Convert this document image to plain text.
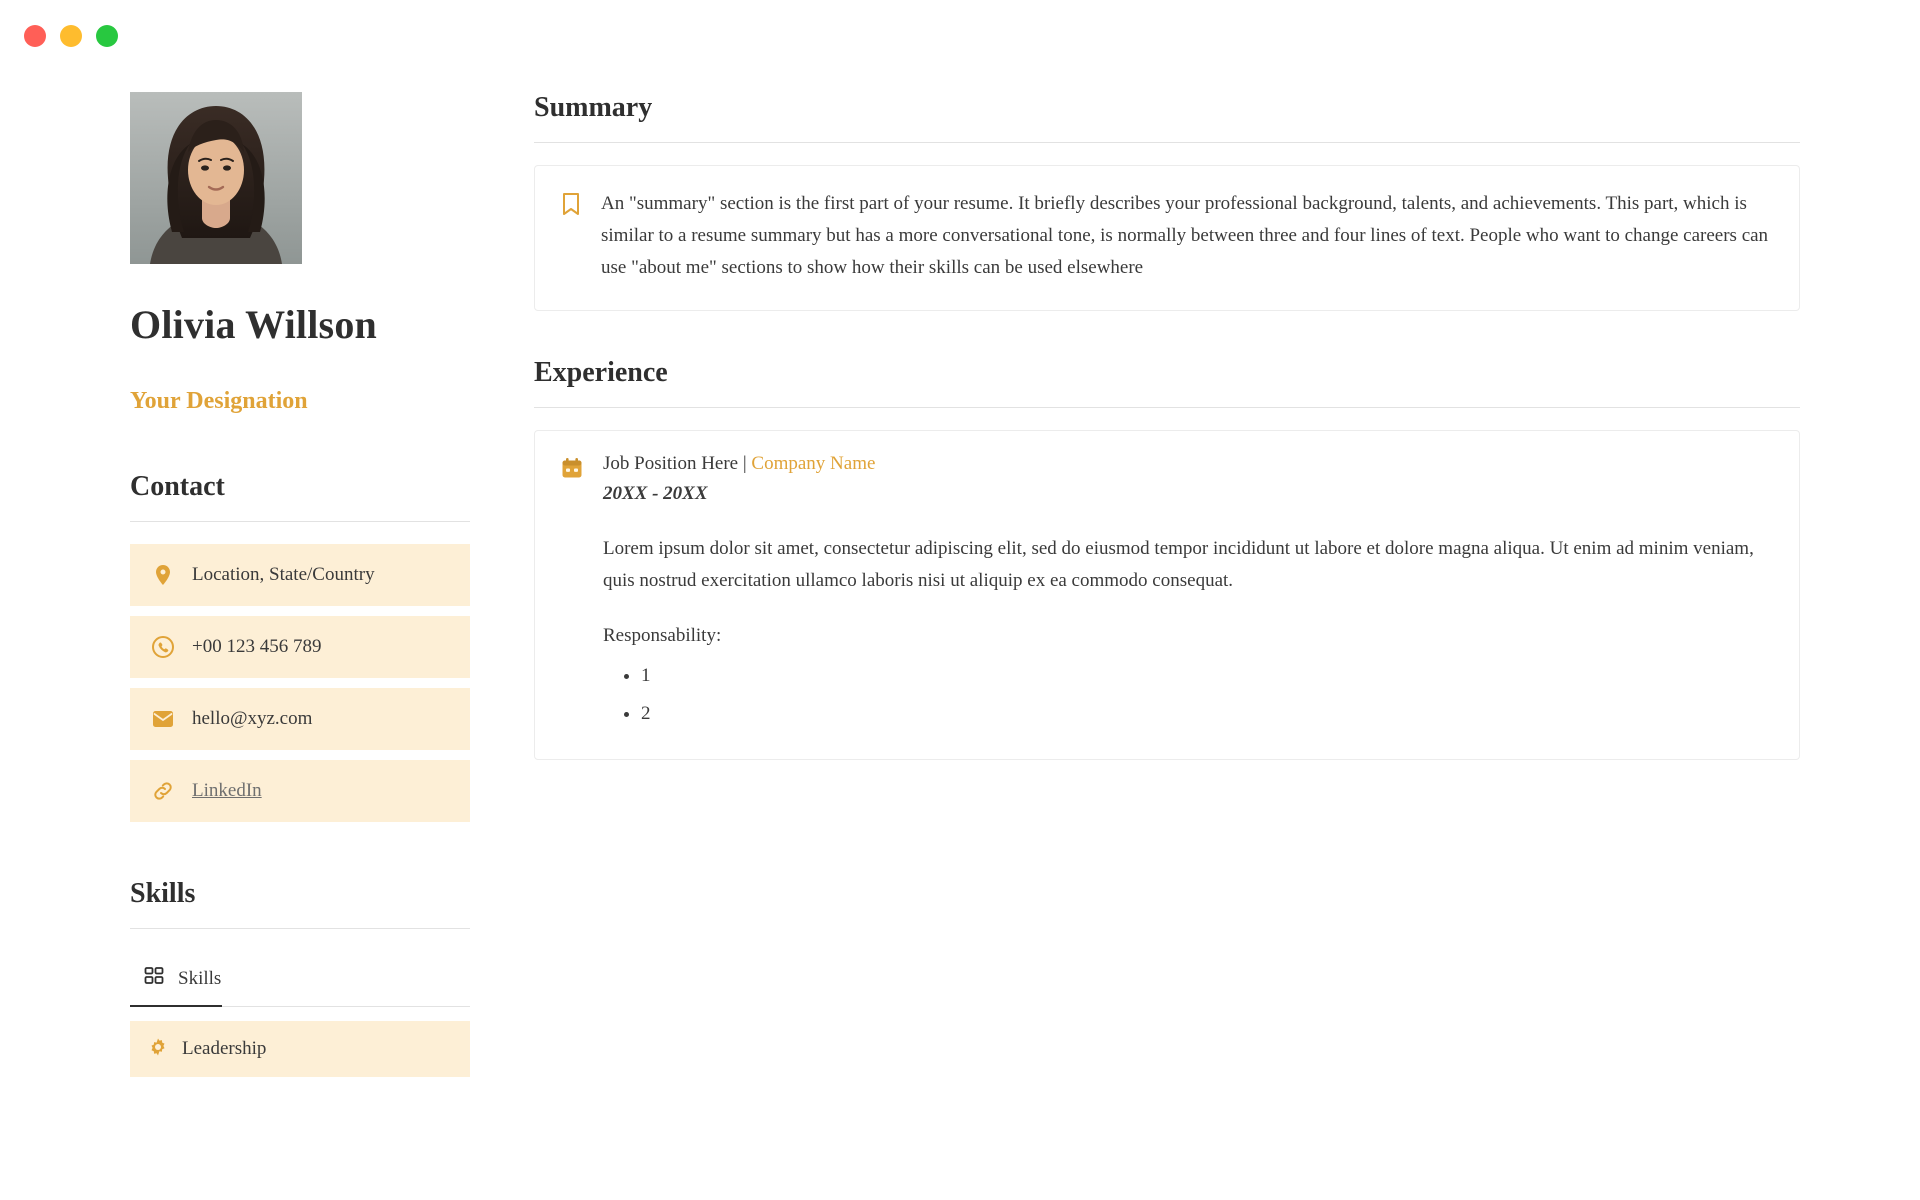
Olivia Willson
Your Designation
Contact
Location, State/Country
+00 123 456 789
hello@xyz.com
LinkedIn
Skills
Skills
Leadership
Summary
An "summary" section is the first part of your resume. It briefly describes your professional background, talents, and achievements. This part, which is similar to a resume summary but has a more conversational tone, is normally between three and four lines of text. People who want to change careers can use "about me" sections to show how their skills can be used elsewhere
Experience
Job Position Here | Company Name
20XX - 20XX
Lorem ipsum dolor sit amet, consectetur adipiscing elit, sed do eiusmod tempor incididunt ut labore et dolore magna aliqua. Ut enim ad minim veniam, quis nostrud exercitation ullamco laboris nisi ut aliquip ex ea commodo consequat.
Responsability:
• 1
• 2
